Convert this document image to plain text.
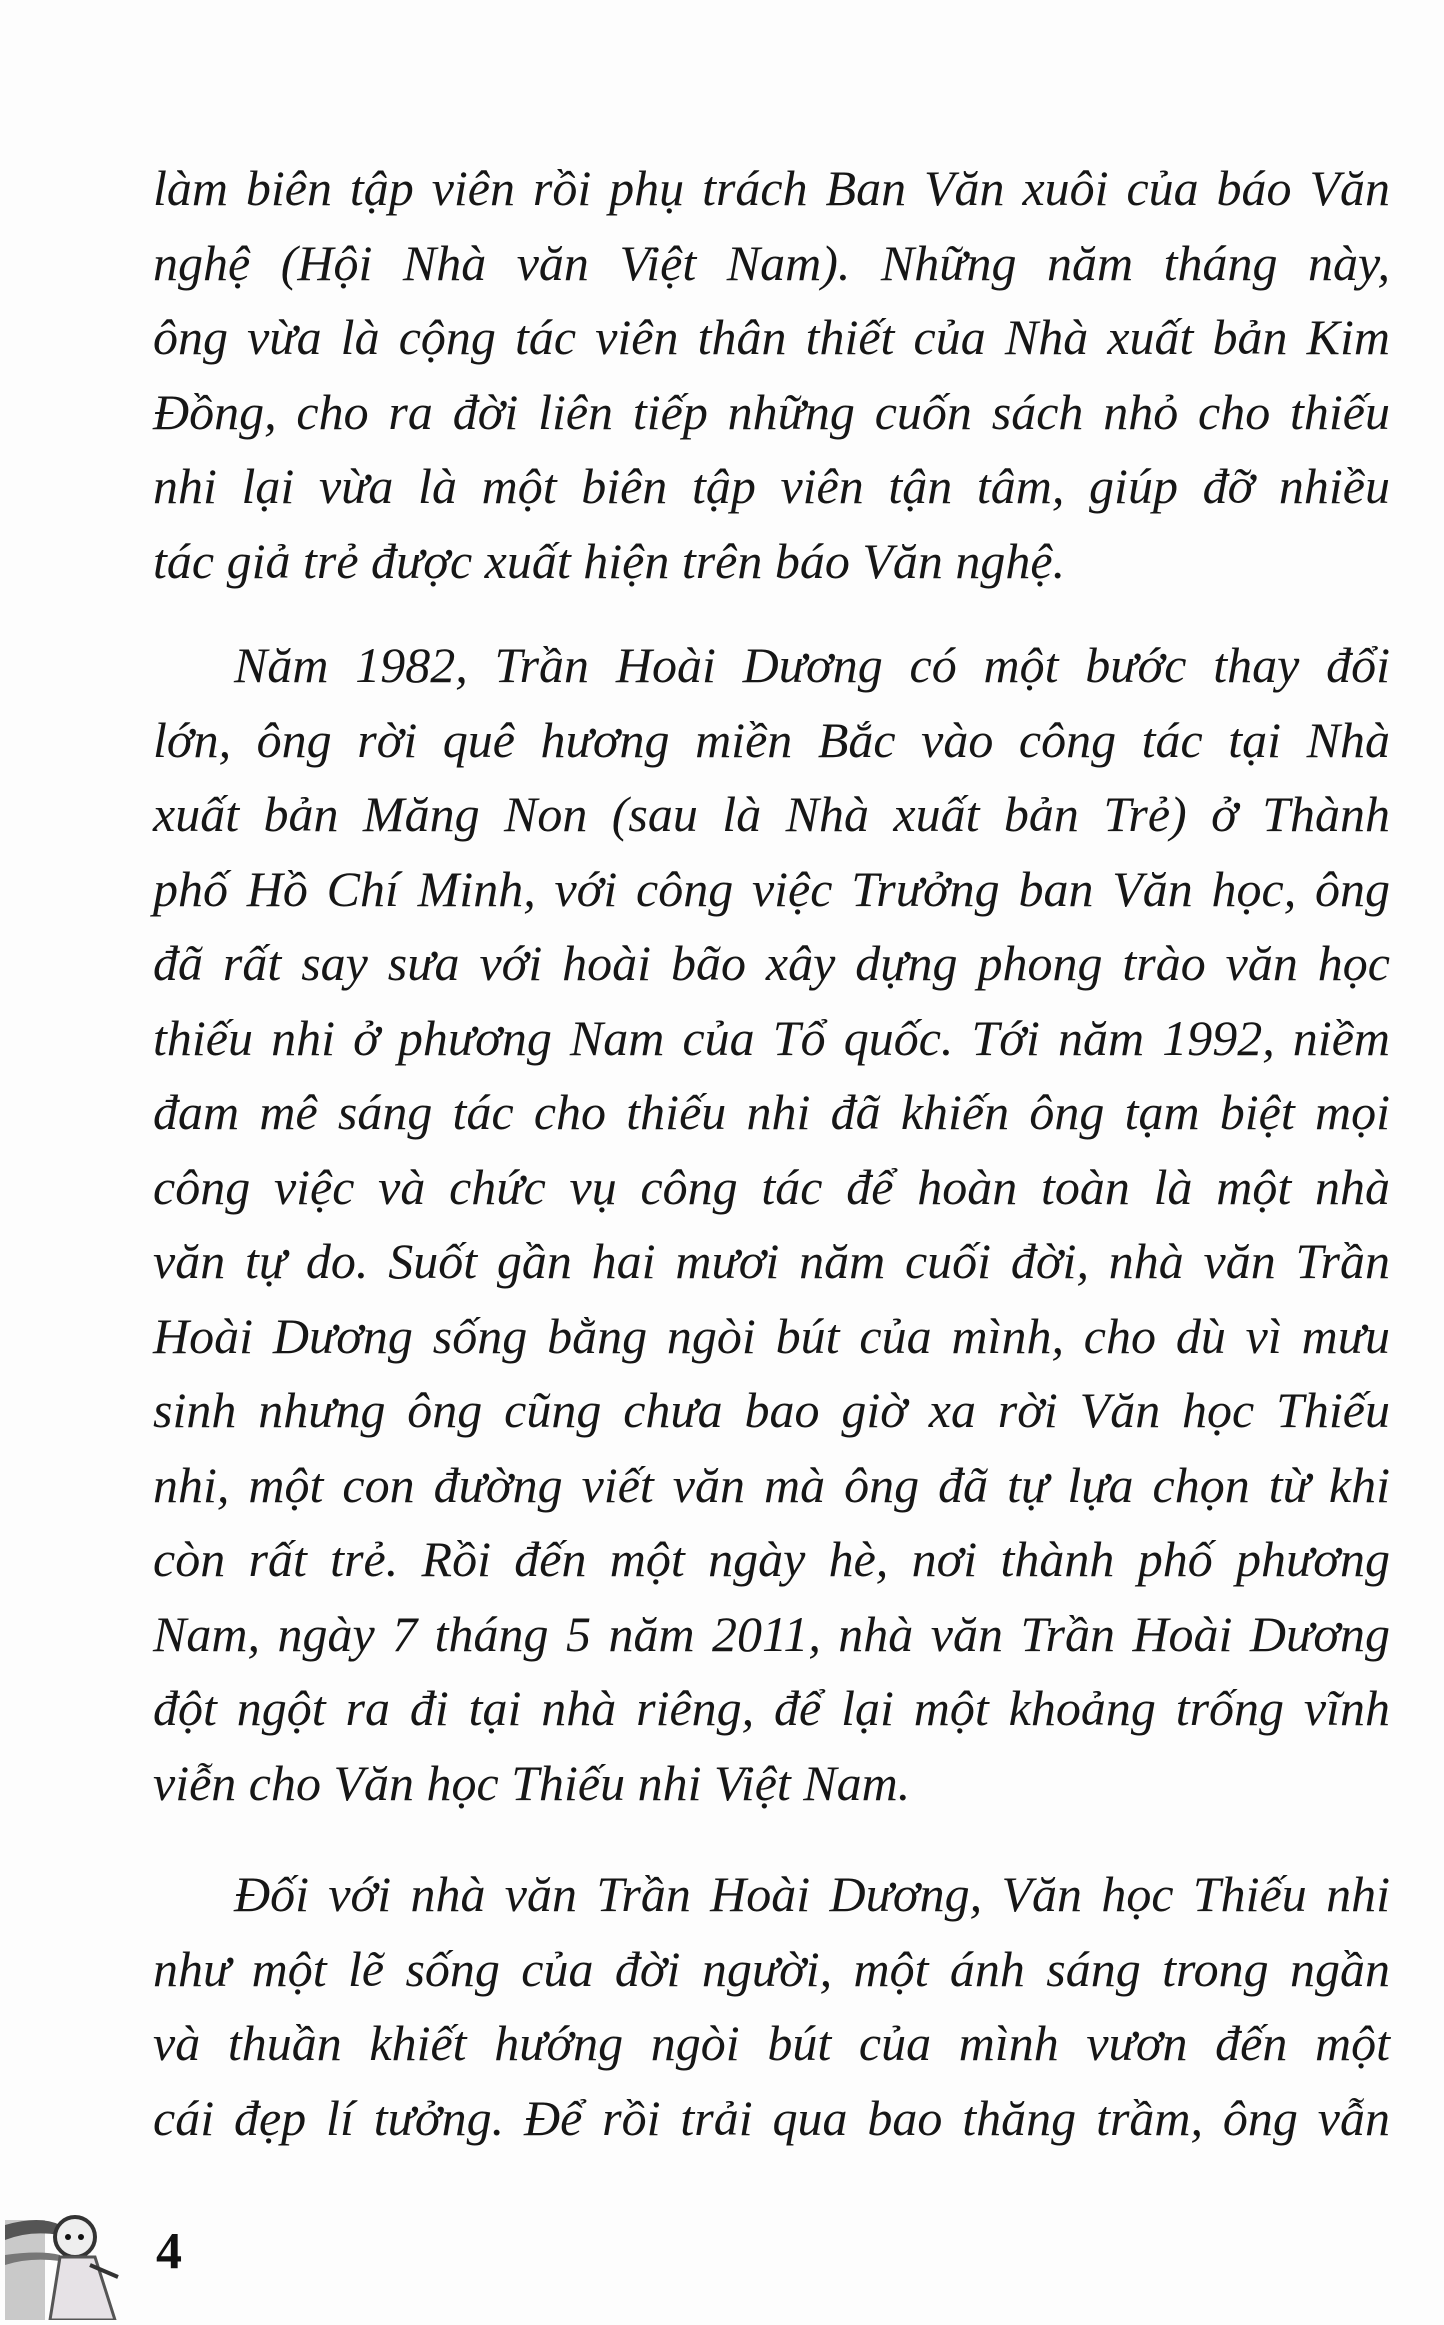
làm biên tập viên rồi phụ trách Ban Văn xuôi của báo Văn
nghệ (Hội Nhà văn Việt Nam). Những năm tháng này,
ông vừa là cộng tác viên thân thiết của Nhà xuất bản Kim
Đồng, cho ra đời liên tiếp những cuốn sách nhỏ cho thiếu
nhi lại vừa là một biên tập viên tận tâm, giúp đỡ nhiều
tác giả trẻ được xuất hiện trên báo Văn nghệ.
Năm 1982, Trần Hoài Dương có một bước thay đổi
lớn, ông rời quê hương miền Bắc vào công tác tại Nhà
xuất bản Măng Non (sau là Nhà xuất bản Trẻ) ở Thành
phố Hồ Chí Minh, với công việc Trưởng ban Văn học, ông
đã rất say sưa với hoài bão xây dựng phong trào văn học
thiếu nhi ở phương Nam của Tổ quốc. Tới năm 1992, niềm
đam mê sáng tác cho thiếu nhi đã khiến ông tạm biệt mọi
công việc và chức vụ công tác để hoàn toàn là một nhà
văn tự do. Suốt gần hai mươi năm cuối đời, nhà văn Trần
Hoài Dương sống bằng ngòi bút của mình, cho dù vì mưu
sinh nhưng ông cũng chưa bao giờ xa rời Văn học Thiếu
nhi, một con đường viết văn mà ông đã tự lựa chọn từ khi
còn rất trẻ. Rồi đến một ngày hè, nơi thành phố phương
Nam, ngày 7 tháng 5 năm 2011, nhà văn Trần Hoài Dương
đột ngột ra đi tại nhà riêng, để lại một khoảng trống vĩnh
viễn cho Văn học Thiếu nhi Việt Nam.
Đối với nhà văn Trần Hoài Dương, Văn học Thiếu nhi
như một lẽ sống của đời người, một ánh sáng trong ngần
và thuần khiết hướng ngòi bút của mình vươn đến một
cái đẹp lí tưởng. Để rồi trải qua bao thăng trầm, ông vẫn
4
